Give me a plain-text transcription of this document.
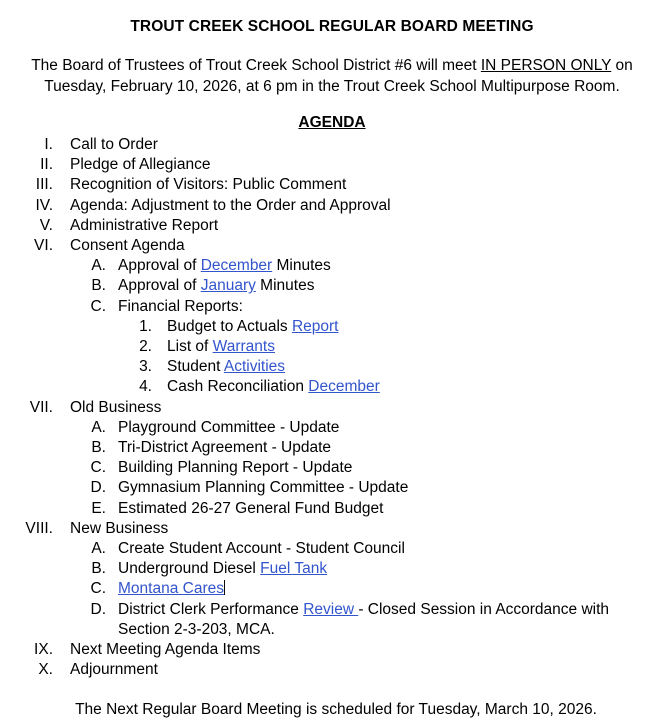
TROUT CREEK SCHOOL REGULAR BOARD MEETING
The Board of Trustees of Trout Creek School District #6 will meet IN PERSON ONLY on Tuesday, February 10, 2026, at 6 pm in the Trout Creek School Multipurpose Room.
AGENDA
I. Call to Order
II. Pledge of Allegiance
III. Recognition of Visitors: Public Comment
IV. Agenda: Adjustment to the Order and Approval
V. Administrative Report
VI. Consent Agenda
A. Approval of December Minutes
B. Approval of January Minutes
C. Financial Reports:
1. Budget to Actuals Report
2. List of Warrants
3. Student Activities
4. Cash Reconciliation December
VII. Old Business
A. Playground Committee - Update
B. Tri-District Agreement - Update
C. Building Planning Report - Update
D. Gymnasium Planning Committee - Update
E. Estimated 26-27 General Fund Budget
VIII. New Business
A. Create Student Account - Student Council
B. Underground Diesel Fuel Tank
C. Montana Cares
D. District Clerk Performance Review - Closed Session in Accordance with Section 2-3-203, MCA.
IX. Next Meeting Agenda Items
X. Adjournment
The Next Regular Board Meeting is scheduled for Tuesday, March 10, 2026.
